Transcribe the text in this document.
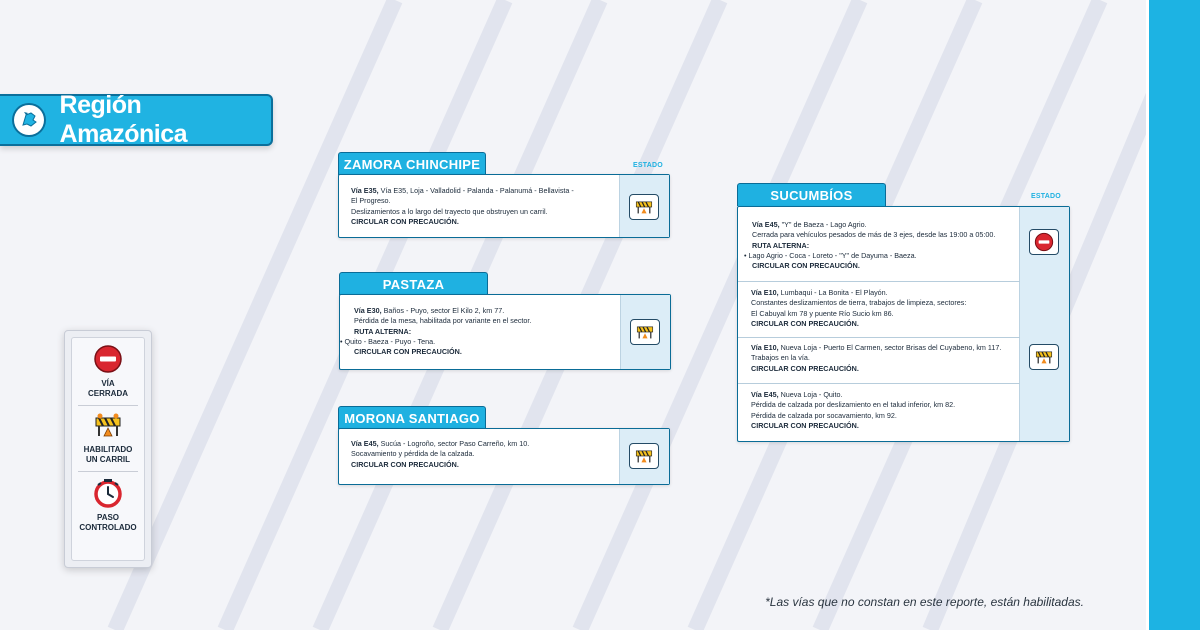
Región Amazónica
VÍA
CERRADA
HABILITADO
UN CARRIL
PASO
CONTROLADO
ZAMORA CHINCHIPE	ESTADO
Vía E35, Vía E35, Loja - Valladolid - Palanda - Palanumá - Bellavista -
El Progreso.
Deslizamientos a lo largo del trayecto que obstruyen un carril.
CIRCULAR CON PRECAUCIÓN.
PASTAZA
Vía E30, Baños - Puyo, sector El Kilo 2, km 77.
Pérdida de la mesa, habilitada por variante en el sector.
RUTA ALTERNA:
• Quito - Baeza - Puyo - Tena.
CIRCULAR CON PRECAUCIÓN.
MORONA SANTIAGO
Vía E45, Sucúa - Logroño, sector Paso Carreño, km 10.
Socavamiento y pérdida de la calzada.
CIRCULAR CON PRECAUCIÓN.
SUCUMBÍOS	ESTADO
Vía E45, "Y" de Baeza - Lago Agrio.
Cerrada para vehículos pesados de más de 3 ejes, desde las 19:00 a 05:00.
RUTA ALTERNA:
• Lago Agrio - Coca - Loreto - "Y" de Dayuma - Baeza.
CIRCULAR CON PRECAUCIÓN.
Vía E10, Lumbaqui - La Bonita - El Playón.
Constantes deslizamientos de tierra, trabajos de limpieza, sectores:
El Cabuyal km 78 y puente Río Sucio km 86.
CIRCULAR CON PRECAUCIÓN.
Vía E10, Nueva Loja - Puerto El Carmen, sector Brisas del Cuyabeno, km 117.
Trabajos en la vía.
CIRCULAR CON PRECAUCIÓN.
Vía E45, Nueva Loja - Quito.
Pérdida de calzada por deslizamiento en el talud inferior, km 82.
Pérdida de calzada por socavamiento, km 92.
CIRCULAR CON PRECAUCIÓN.
*Las vías que no constan en este reporte, están habilitadas.
